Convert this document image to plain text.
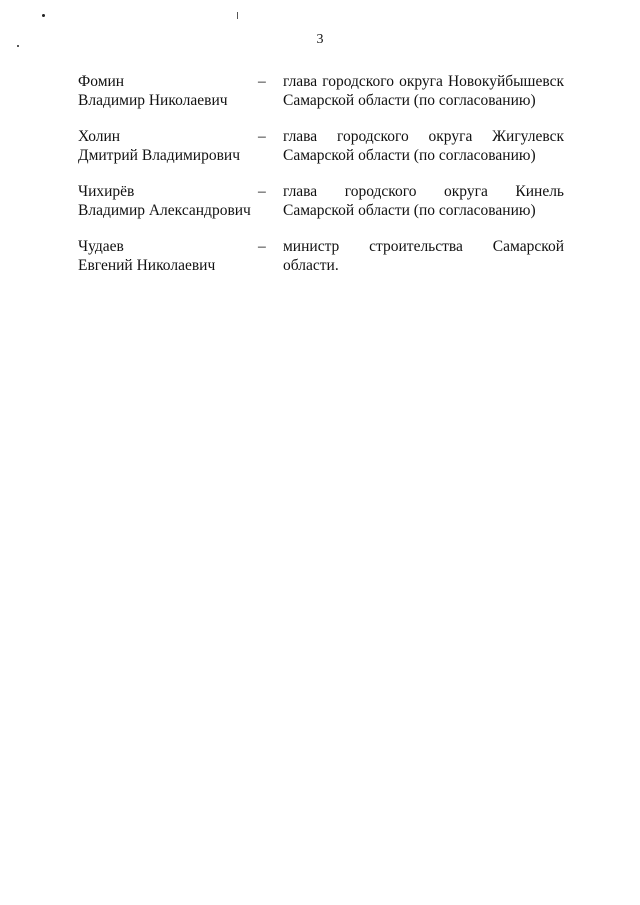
3
Фомин
Владимир Николаевич
–	глава городского округа Новокуйбышевск Самарской области (по согласованию)
Холин
Дмитрий Владимирович
–	глава городского округа Жигулевск Самарской области (по согласованию)
Чихирёв
Владимир Александрович
–	глава городского округа Кинель Самарской области (по согласованию)
Чудаев
Евгений Николаевич
–	министр строительства Самарской области.
